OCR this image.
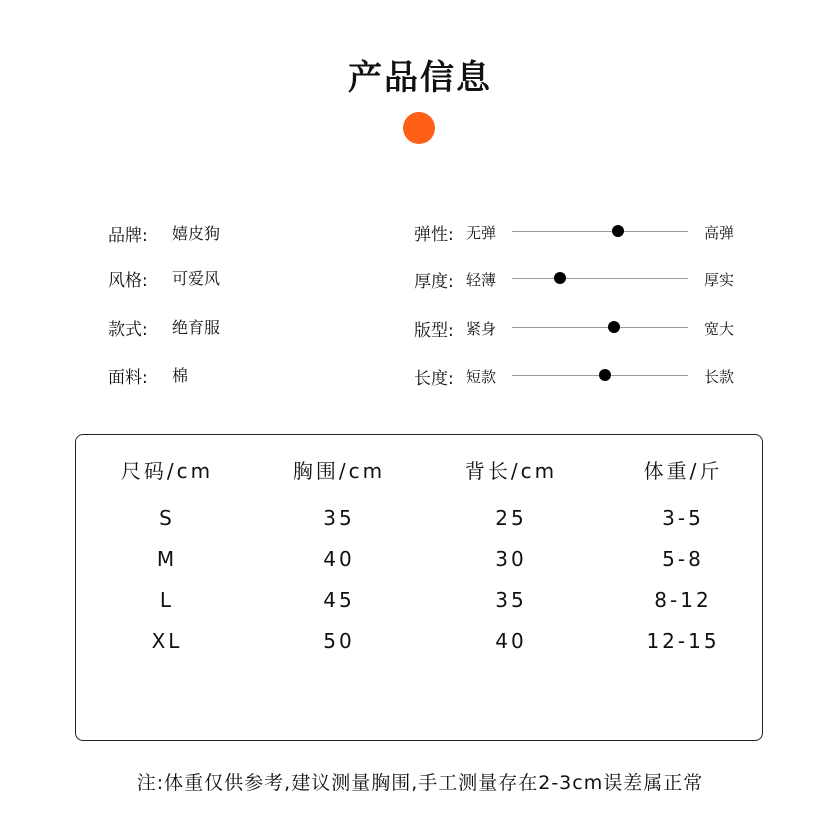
产品信息
品牌: 嬉皮狗
风格: 可爱风
款式: 绝育服
面料: 棉
弹性: 无弹	高弹
厚度: 轻薄	厚实
版型: 紧身	宽大
长度: 短款	长款
尺码/cm	胸围/cm	背长/cm	体重/斤
S	35	25	3-5
M	40	30	5-8
L	45	35	8-12
XL	50	40	12-15
注:体重仅供参考,建议测量胸围,手工测量存在2-3cm误差属正常
